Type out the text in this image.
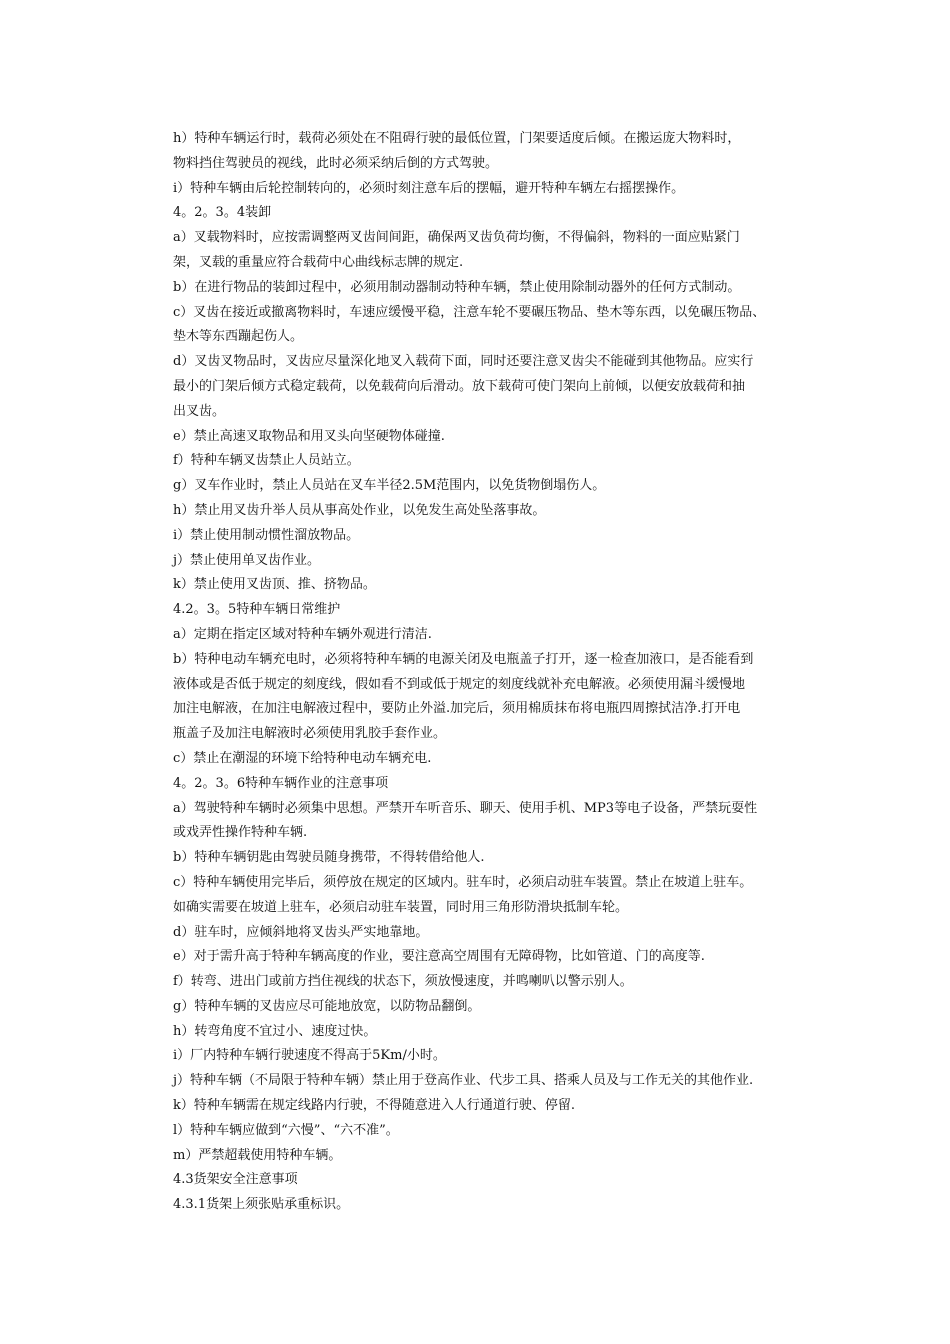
h）特种车辆运行时，载荷必须处在不阻碍行驶的最低位置，门架要适度后倾。在搬运庞大物料时，
物料挡住驾驶员的视线，此时必须采纳后倒的方式驾驶。
i）特种车辆由后轮控制转向的，必须时刻注意车后的摆幅，避开特种车辆左右摇摆操作。
4。2。3。4装卸
a）叉载物料时，应按需调整两叉齿间间距，确保两叉齿负荷均衡，不得偏斜，物料的一面应贴紧门
架，叉载的重量应符合载荷中心曲线标志牌的规定.
b）在进行物品的装卸过程中，必须用制动器制动特种车辆，禁止使用除制动器外的任何方式制动。
c）叉齿在接近或撤离物料时，车速应缓慢平稳，注意车轮不要碾压物品、垫木等东西，以免碾压物品、
垫木等东西蹦起伤人。
d）叉齿叉物品时，叉齿应尽量深化地叉入载荷下面，同时还要注意叉齿尖不能碰到其他物品。应实行
最小的门架后倾方式稳定载荷，以免载荷向后滑动。放下载荷可使门架向上前倾，以便安放载荷和抽
出叉齿。
e）禁止高速叉取物品和用叉头向坚硬物体碰撞.
f）特种车辆叉齿禁止人员站立。
g）叉车作业时，禁止人员站在叉车半径2.5M范围内，以免货物倒塌伤人。
h）禁止用叉齿升举人员从事高处作业，以免发生高处坠落事故。
i）禁止使用制动惯性溜放物品。
j）禁止使用单叉齿作业。
k）禁止使用叉齿顶、推、挤物品。
4.2。3。5特种车辆日常维护
a）定期在指定区域对特种车辆外观进行清洁.
b）特种电动车辆充电时，必须将特种车辆的电源关闭及电瓶盖子打开，逐一检查加液口，是否能看到
液体或是否低于规定的刻度线，假如看不到或低于规定的刻度线就补充电解液。必须使用漏斗缓慢地
加注电解液，在加注电解液过程中，要防止外溢.加完后，须用棉质抹布将电瓶四周擦拭洁净.打开电
瓶盖子及加注电解液时必须使用乳胶手套作业。
c）禁止在潮湿的环境下给特种电动车辆充电.
4。2。3。6特种车辆作业的注意事项
a）驾驶特种车辆时必须集中思想。严禁开车听音乐、聊天、使用手机、MP3等电子设备，严禁玩耍性
或戏弄性操作特种车辆.
b）特种车辆钥匙由驾驶员随身携带，不得转借给他人.
c）特种车辆使用完毕后，须停放在规定的区域内。驻车时，必须启动驻车装置。禁止在坡道上驻车。
如确实需要在坡道上驻车，必须启动驻车装置，同时用三角形防滑块抵制车轮。
d）驻车时，应倾斜地将叉齿头严实地靠地。
e）对于需升高于特种车辆高度的作业，要注意高空周围有无障碍物，比如管道、门的高度等.
f）转弯、进出门或前方挡住视线的状态下，须放慢速度，并鸣喇叭以警示别人。
g）特种车辆的叉齿应尽可能地放宽，以防物品翻倒。
h）转弯角度不宜过小、速度过快。
i）厂内特种车辆行驶速度不得高于5Km/小时。
j）特种车辆（不局限于特种车辆）禁止用于登高作业、代步工具、搭乘人员及与工作无关的其他作业.
k）特种车辆需在规定线路内行驶，不得随意进入人行通道行驶、停留.
l）特种车辆应做到“六慢”、“六不准”。
m）严禁超载使用特种车辆。
4.3货架安全注意事项
4.3.1货架上须张贴承重标识。
